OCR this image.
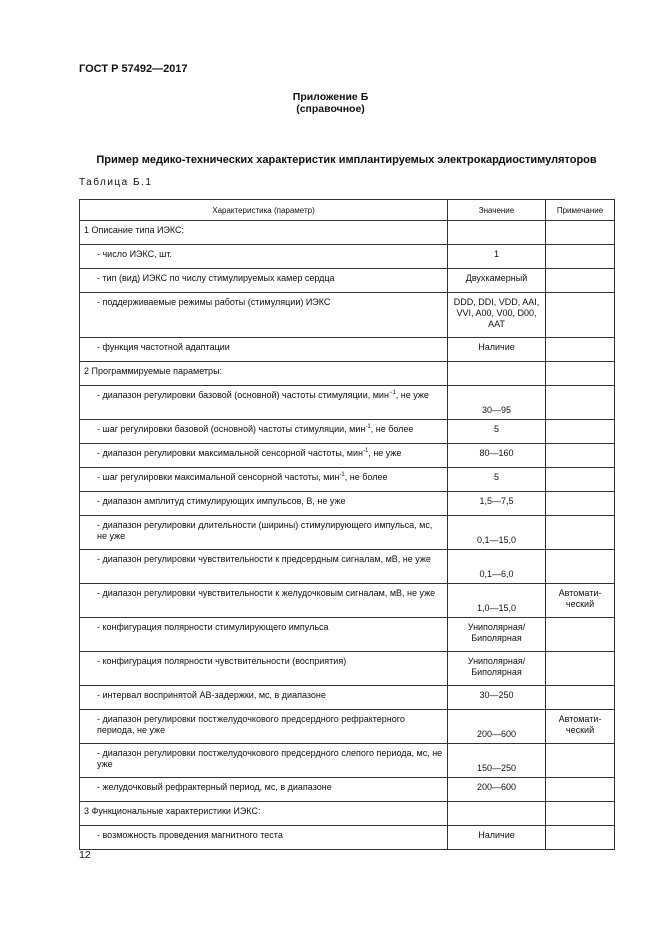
ГОСТ Р 57492—2017
Приложение Б
(справочное)
Пример медико-технических характеристик имплантируемых электрокардиостимуляторов
Таблица Б.1
Характеристика (параметр)	Значение	Примечание
1 Описание типа ИЭКС:		
- число ИЭКС, шт.	1	
- тип (вид) ИЭКС по числу стимулируемых камер сердца	Двухкамерный	
- поддерживаемые режимы работы (стимуляции) ИЭКС	DDD, DDI, VDD, AAI, VVI, A00, V00, D00, AAT	
- функция частотной адаптации	Наличие	
2 Программируемые параметры:		
- диапазон регулировки базовой (основной) частоты стимуляции, мин$^{-1}$, не уже	30—95	
- шаг регулировки базовой (основной) частоты стимуляции, мин$^{-1}$, не более	5	
- диапазон регулировки максимальной сенсорной частоты, мин$^{-1}$, не уже	80—160	
- шаг регулировки максимальной сенсорной частоты, мин$^{-1}$, не более	5	
- диапазон амплитуд стимулирующих импульсов, В, не уже	1,5—7,5	
- диапазон регулировки длительности (ширины) стимулирующего импульса, мс, не уже	0,1—15,0	
- диапазон регулировки чувствительности к предсердным сигналам, мВ, не уже	0,1—6,0	
- диапазон регулировки чувствительности к желудочковым сигналам, мВ, не уже	1,0—15,0	Автомати-ческий
- конфигурация полярности стимулирующего импульса	Униполярная/ Биполярная	
- конфигурация полярности чувствительности (восприятия)	Униполярная/ Биполярная	
- интервал воспринятой АВ-задержки, мс, в диапазоне	30—250	
- диапазон регулировки постжелудочкового предсердного рефрактерного периода, не уже	200—600	Автомати-ческий
- диапазон регулировки постжелудочкового предсердного слепого периода, мс, не уже	150—250	
- желудочковый рефрактерный период, мс, в диапазоне	200—600	
3 Функциональные характеристики ИЭКС:		
- возможность проведения магнитного теста	Наличие	
12
